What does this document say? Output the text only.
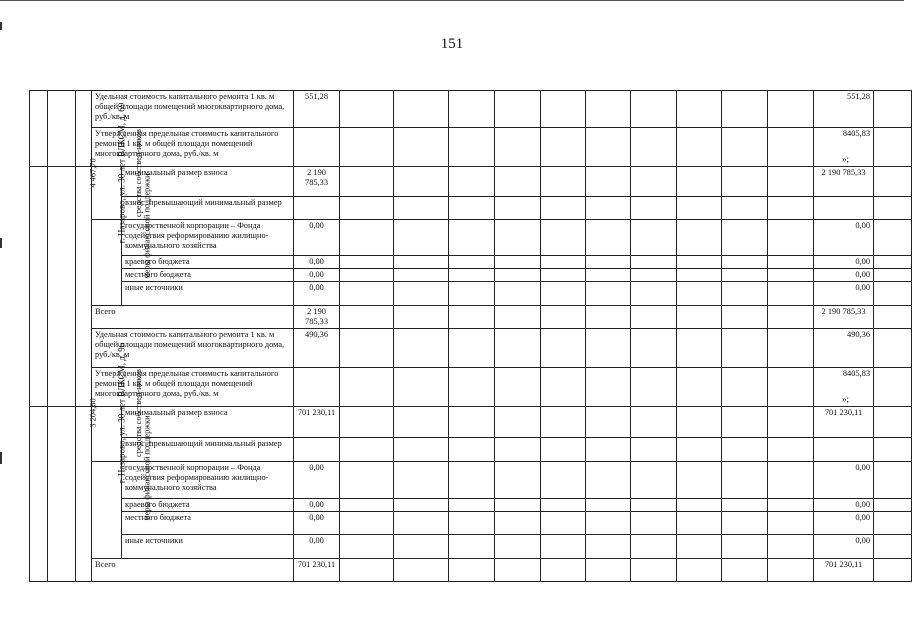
151
			Удельная стоимость капитального ремонта 1 кв. м общей площади помещений многоквартирного дома, руб./кв. м		551,28											551,28	
			Утвержденная предельная стоимость капитального ремонта 1 кв. м общей площади помещений многоквартирного дома, руб./кв. м													8405,83	
	г. Назарово, ул. 30 лет ВЛКСМ, д. 69	4 467,70	средства собствен-ников	минимальный размер взноса	2 190 785,33											2 190 785,33	
				взнос, превышающий минимальный размер													
			меры финансовой поддержки	государственной корпорации – Фонда содействия реформированию жилищно-коммунального хозяйства	0,00											0,00	
				краевого бюджета	0,00											0,00	
				местного бюджета	0,00											0,00	
				иные источники	0,00											0,00	
			Всего		2 190 785,33											2 190 785,33	
			Удельная стоимость капитального ремонта 1 кв. м общей площади помещений многоквартирного дома, руб./кв. м		490,36											490,36	
			Утвержденная предельная стоимость капитального ремонта 1 кв. м общей площади помещений многоквартирного дома, руб./кв. м													8405,83	
	г. Назарово, ул. 30 лет ВЛКСМ, д. 96	3 204,60	средства собствен-ников	минимальный размер взноса	701 230,11											701 230,11	
				взнос, превышающий минимальный размер													
			меры финансовой поддержки	государственной корпорации – Фонда содействия реформированию жилищно-коммунального хозяйства	0,00											0,00	
				краевого бюджета	0,00											0,00	
				местного бюджета	0,00											0,00	
				иные источники	0,00											0,00	
			Всего		701 230,11											701 230,11	
»;
»;
